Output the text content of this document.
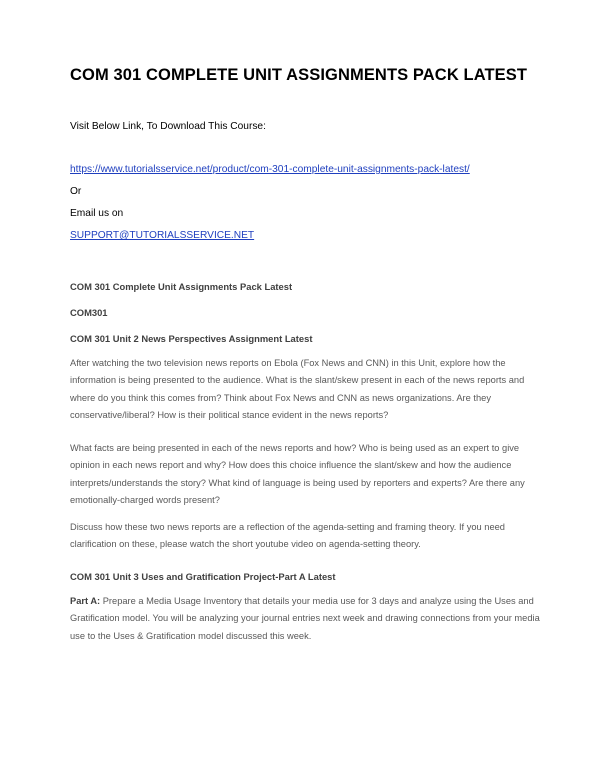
COM 301 COMPLETE UNIT ASSIGNMENTS PACK LATEST

Visit Below Link, To Download This Course:

https://www.tutorialsservice.net/product/com-301-complete-unit-assignments-pack-latest/

Or

Email us on

SUPPORT@TUTORIALSSERVICE.NET

COM 301 Complete Unit Assignments Pack Latest

COM301

COM 301 Unit 2 News Perspectives Assignment Latest

After watching the two television news reports on Ebola (Fox News and CNN) in this Unit, explore how the information is being presented to the audience. What is the slant/skew present in each of the news reports and where do you think this comes from? Think about Fox News and CNN as news organizations. Are they conservative/liberal? How is their political stance evident in the news reports?

What facts are being presented in each of the news reports and how? Who is being used as an expert to give opinion in each news report and why? How does this choice influence the slant/skew and how the audience interprets/understands the story? What kind of language is being used by reporters and experts? Are there any emotionally-charged words present?

Discuss how these two news reports are a reflection of the agenda-setting and framing theory. If you need clarification on these, please watch the short youtube video on agenda-setting theory.

COM 301 Unit 3 Uses and Gratification Project-Part A Latest

Part A: Prepare a Media Usage Inventory that details your media use for 3 days and analyze using the Uses and Gratification model. You will be analyzing your journal entries next week and drawing connections from your media use to the Uses & Gratification model discussed this week.
